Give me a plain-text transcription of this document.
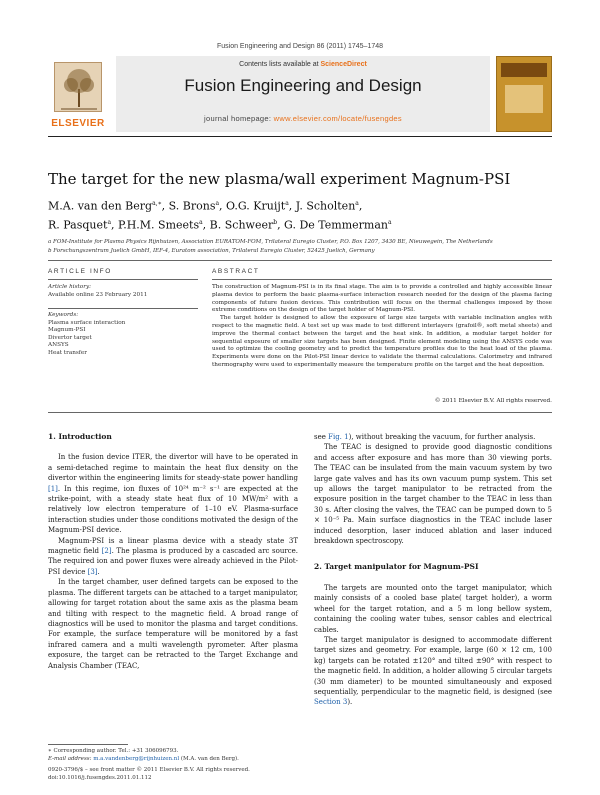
Fusion Engineering and Design 86 (2011) 1745–1748
ELSEVIER
Contents lists available at ScienceDirect
Fusion Engineering and Design
journal homepage: www.elsevier.com/locate/fusengdes
The target for the new plasma/wall experiment Magnum-PSI
M.A. van den Berg$^{a,∗}$, S. Brons$^a$, O.G. Kruijt$^a$, J. Scholten$^a$,
R. Pasquet$^a$, P.H.M. Smeets$^a$, B. Schweer$^b$, G. De Temmerman$^a$
a FOM-Institute for Plasma Physics Rijnhuizen, Association EURATOM-FOM, Trilateral Euregio Cluster, P.O. Box 1207, 3430 BE, Nieuwegein, The Netherlands
b Forschungszentrum Juelich GmbH, IEF-4, Euratom association, Trilateral Euregio Cluster, 52425 Juelich, Germany
ARTICLE INFO	ABSTRACT
Article history:
Available online 23 February 2011
Keywords:
Plasma surface interaction
Magnum-PSI
Divertor target
ANSYS
Heat transfer

The construction of Magnum-PSI is in its final stage. The aim is to provide a controlled and highly accessible linear plasma device to perform the basic plasma-surface interaction research needed for the design of the plasma facing components of future fusion devices. This contribution will focus on the thermal challenges imposed by those extreme conditions on the design of the target holder of Magnum-PSI.

The target holder is designed to allow the exposure of large size targets with variable inclination angles with respect to the magnetic field. A test set up was made to test different interlayers (grafoil®, soft metal sheets) and improve the thermal contact between the target and the heat sink. In addition, a modular target holder for sequential exposure of smaller size targets has been designed. Finite element modeling using the ANSYS code was used to optimize the cooling geometry and to predict the temperature profiles due to the heat load of the plasma. Experiments were done on the Pilot-PSI linear device to validate the thermal calculations. Calorimetry and infrared thermography were used to experimentally measure the temperature profile on the target and the heat deposition.

© 2011 Elsevier B.V. All rights reserved.
1. Introduction

In the fusion device ITER, the divertor will have to be operated in a semi-detached regime to maintain the heat flux density on the divertor within the engineering limits for steady-state power handling [1]. In this regime, ion fluxes of 10²⁴ m⁻² s⁻¹ are expected at the strike-point, with a steady state heat flux of 10 MW/m² with a relatively low electron temperature of 1–10 eV. Plasma-surface interaction studies under those conditions motivated the design of the Magnum-PSI device.

Magnum-PSI is a linear plasma device with a steady state 3T magnetic field [2]. The plasma is produced by a cascaded arc source. The required ion and power fluxes were already achieved in the Pilot-PSI device [3].

In the target chamber, user defined targets can be exposed to the plasma. The different targets can be attached to a target manipulator, allowing for target rotation about the same axis as the plasma beam and tilting with respect to the magnetic field. A broad range of diagnostics will be used to monitor the plasma and target conditions. For example, the surface temperature will be monitored by a fast infrared camera and a multi wavelength pyrometer. After plasma exposure, the target can be retracted to the Target Exchange and Analysis Chamber (TEAC,

see Fig. 1), without breaking the vacuum, for further analysis.

The TEAC is designed to provide good diagnostic conditions and access after exposure and has more than 30 viewing ports. The TEAC can be insulated from the main vacuum system by two large gate valves and has its own vacuum pump system. This set up allows the target manipulator to be retracted from the exposure position in the target chamber to the TEAC in less than 30 s. After closing the valves, the TEAC can be pumped down to 5 × 10⁻⁵ Pa. Main surface diagnostics in the TEAC include laser induced desorption, laser induced ablation and laser induced breakdown spectroscopy.

2. Target manipulator for Magnum-PSI

The targets are mounted onto the target manipulator, which mainly consists of a cooled base plate( target holder), a worm wheel for the target rotation, and a 5 m long bellow system, containing the cooling water tubes, sensor cables and electrical cables.

The target manipulator is designed to accommodate different target sizes and geometry. For example, large (60 × 12 cm, 100 kg) targets can be rotated ±120° and tilted ±90° with respect to the magnetic field. In addition, a holder allowing 5 circular targets (30 mm diameter) to be mounted simultaneously and exposed sequentially, perpendicular to the magnetic field, is designed (see Section 3).

∗ Corresponding author. Tel.: +31 306096793.
E-mail address: m.a.vandenberg@rijnhuizen.nl (M.A. van den Berg).
0920-3796/$ – see front matter © 2011 Elsevier B.V. All rights reserved.
doi:10.1016/j.fusengdes.2011.01.112
